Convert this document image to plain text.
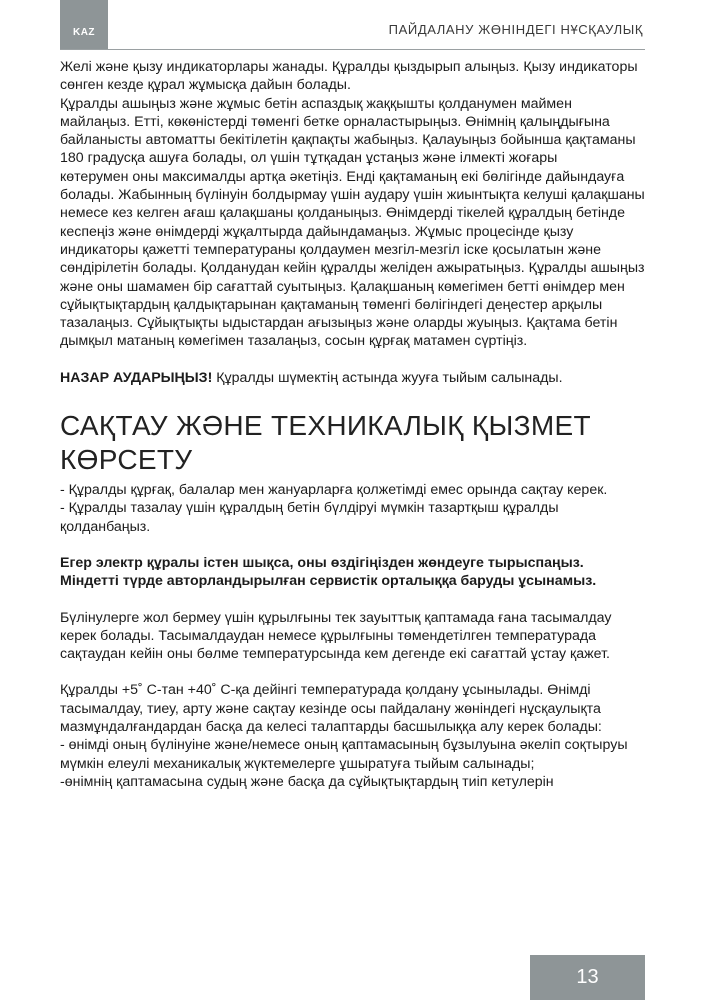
KAZ	ПАЙДАЛАНУ ЖӨНІНДЕГІ НҰСҚАУЛЫҚ

Желі және қызу индикаторлары жанады. Құралды қыздырып алыңыз. Қызу индикаторы сөнген кезде құрал жұмысқа дайын болады.

Құралды ашыңыз және жұмыс бетін аспаздық жаққышты қолданумен маймен майлаңыз. Етті, көкөністерді төменгі бетке орналастырыңыз. Өнімнің қалыңдығына байланысты автоматты бекітілетін қақпақты жабыңыз. Қалауыңыз бойынша қақтаманы 180 градусқа ашуға болады, ол үшін тұтқадан ұстаңыз және ілмекті жоғары

көтерумен оны максималды артқа әкетіңіз. Енді қақтаманың екі бөлігінде дайындауға болады. Жабынның бүлінуін болдырмау үшін аудару үшін жиынтықта келуші қалақшаны немесе кез келген ағаш қалақшаны қолданыңыз. Өнімдерді тікелей құралдың бетінде кеспеңіз және өнімдерді жұқалтырда дайындамаңыз. Жұмыс процесінде қызу индикаторы қажетті температураны қолдаумен мезгіл-мезгіл іске қосылатын және сөндірілетін болады. Қолданудан кейін құралды желіден ажыратыңыз. Құралды ашыңыз және оны шамамен бір сағаттай суытыңыз. Қалақшаның көмегімен бетті өнімдер мен сұйықтықтардың қалдықтарынан қақтаманың төменгі бөлігіндегі деңестер арқылы тазалаңыз. Сұйықтықты ыдыстардан ағызыңыз және оларды жуыңыз. Қақтама бетін дымқыл матаның көмегімен тазалаңыз, сосын құрғақ матамен сүртіңіз.

НАЗАР АУДАРЫҢЫЗ! Құралды шүмектің астында жууға тыйым салынады.

САҚТАУ ЖӘНЕ ТЕХНИКАЛЫҚ ҚЫЗМЕТ КӨРСЕТУ

- Құралды құрғақ, балалар мен жануарларға қолжетімді емес орында сақтау керек.

- Құралды тазалау үшін құралдың бетін бүлдіруі мүмкін тазартқыш құралды қолданбаңыз.

Егер электр құралы істен шықса, оны өздігіңізден жөндеуге тырыспаңыз. Міндетті түрде авторландырылған сервистік орталыққа баруды ұсынамыз.

Бүлінулерге жол бермеу үшін құрылғыны тек зауыттық қаптамада ғана тасымалдау керек болады. Тасымалдаудан немесе құрылғыны төмендетілген температурада сақтаудан кейін оны бөлме температурсында кем дегенде екі сағаттай ұстау қажет.

Құралды +5˚ С-тан +40˚ С-қа дейінгі температурада қолдану ұсынылады. Өнімді тасымалдау, тиеу, арту және сақтау кезінде осы пайдалану жөніндегі нұсқаулықта мазмұндалғандардан басқа да келесі талаптарды басшылыққа алу керек болады:

- өнімді оның бүлінуіне және/немесе оның қаптамасының бұзылуына әкеліп соқтыруы мүмкін елеулі механикалық жүктемелерге ұшыратуға тыйым салынады;

-өнімнің қаптамасына судың және басқа да сұйықтықтардың тиіп кетулерін

13
